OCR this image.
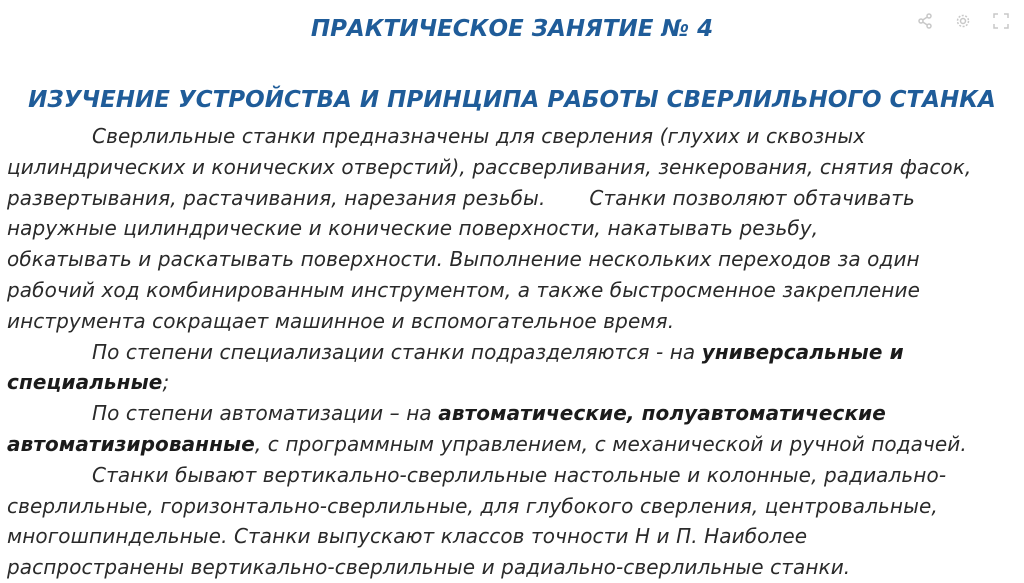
ПРАКТИЧЕСКОЕ ЗАНЯТИЕ № 4
ИЗУЧЕНИЕ УСТРОЙСТВА И ПРИНЦИПА РАБОТЫ СВЕРЛИЛЬНОГО СТАНКА
Сверлильные станки предназначены для сверления (глухих и сквозных
цилиндрических и конических отверстий), рассверливания, зенкерования, снятия фасок,
развертывания, растачивания, нарезания резьбы. Станки позволяют обтачивать
наружные цилиндрические и конические поверхности, накатывать резьбу,
обкатывать и раскатывать поверхности. Выполнение нескольких переходов за один
рабочий ход комбинированным инструментом, а также быстросменное закрепление
инструмента сокращает машинное и вспомогательное время.
По степени специализации станки подразделяются - на универсальные и
специальные;
По степени автоматизации – на автоматические, полуавтоматические
автоматизированные, с программным управлением, с механической и ручной подачей.
Станки бывают вертикально-сверлильные настольные и колонные, радиально-
сверлильные, горизонтально-сверлильные, для глубокого сверления, центровальные,
многошпиндельные. Станки выпускают классов точности Н и П. Наиболее
распространены вертикально-сверлильные и радиально-сверлильные станки.
